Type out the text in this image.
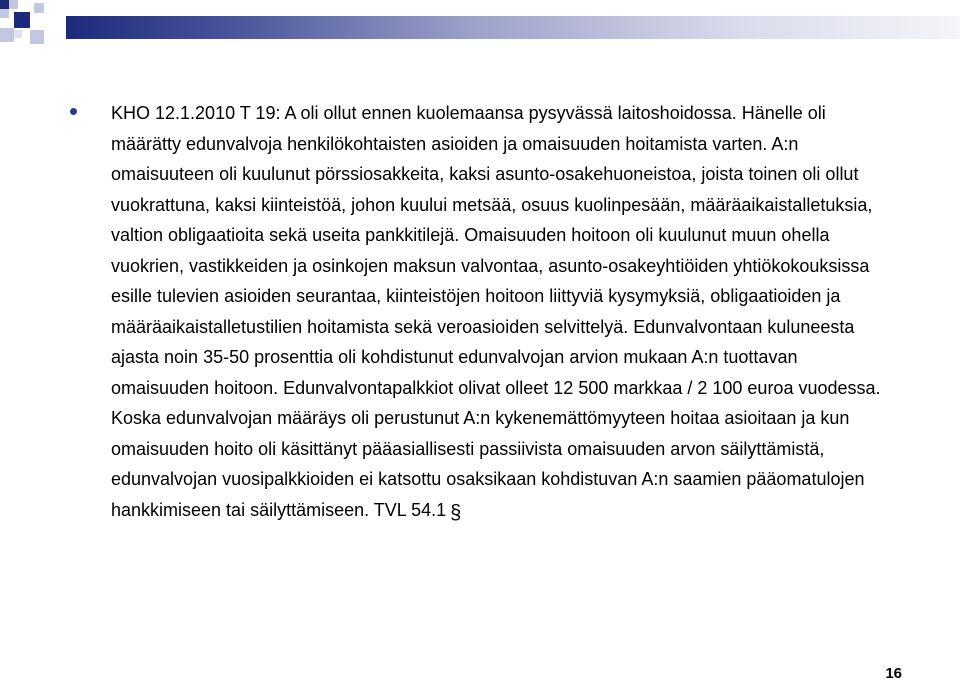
KHO 12.1.2010 T 19: A oli ollut ennen kuolemaansa pysyvässä laitoshoidossa. Hänelle oli määrätty edunvalvoja henkilökohtaisten asioiden ja omaisuuden hoitamista varten. A:n omaisuuteen oli kuulunut pörssiosakkeita, kaksi asunto-osakehuoneistoa, joista toinen oli ollut vuokrattuna, kaksi kiinteistöä, johon kuului metsää, osuus kuolinpesään, määräaikaistalletuksia, valtion obligaatioita sekä useita pankkitilejä. Omaisuuden hoitoon oli kuulunut muun ohella vuokrien, vastikkeiden ja osinkojen maksun valvontaa, asunto-osakeyhtiöiden yhtiökokouksissa esille tulevien asioiden seurantaa, kiinteistöjen hoitoon liittyviä kysymyksiä, obligaatioiden ja määräaikaistalletustilien hoitamista sekä veroasioiden selvittelyä. Edunvalvontaan kuluneesta ajasta noin 35-50 prosenttia oli kohdistunut edunvalvojan arvion mukaan A:n tuottavan omaisuuden hoitoon. Edunvalvontapalkkiot olivat olleet 12 500 markkaa / 2 100 euroa vuodessa. Koska edunvalvojan määräys oli perustunut A:n kykenemättömyyteen hoitaa asioitaan ja kun omaisuuden hoito oli käsittänyt pääasiallisesti passiivista omaisuuden arvon säilyttämistä, edunvalvojan vuosipalkkioiden ei katsottu osaksikaan kohdistuvan A:n saamien pääomatulojen hankkimiseen tai säilyttämiseen. TVL 54.1 §
16
